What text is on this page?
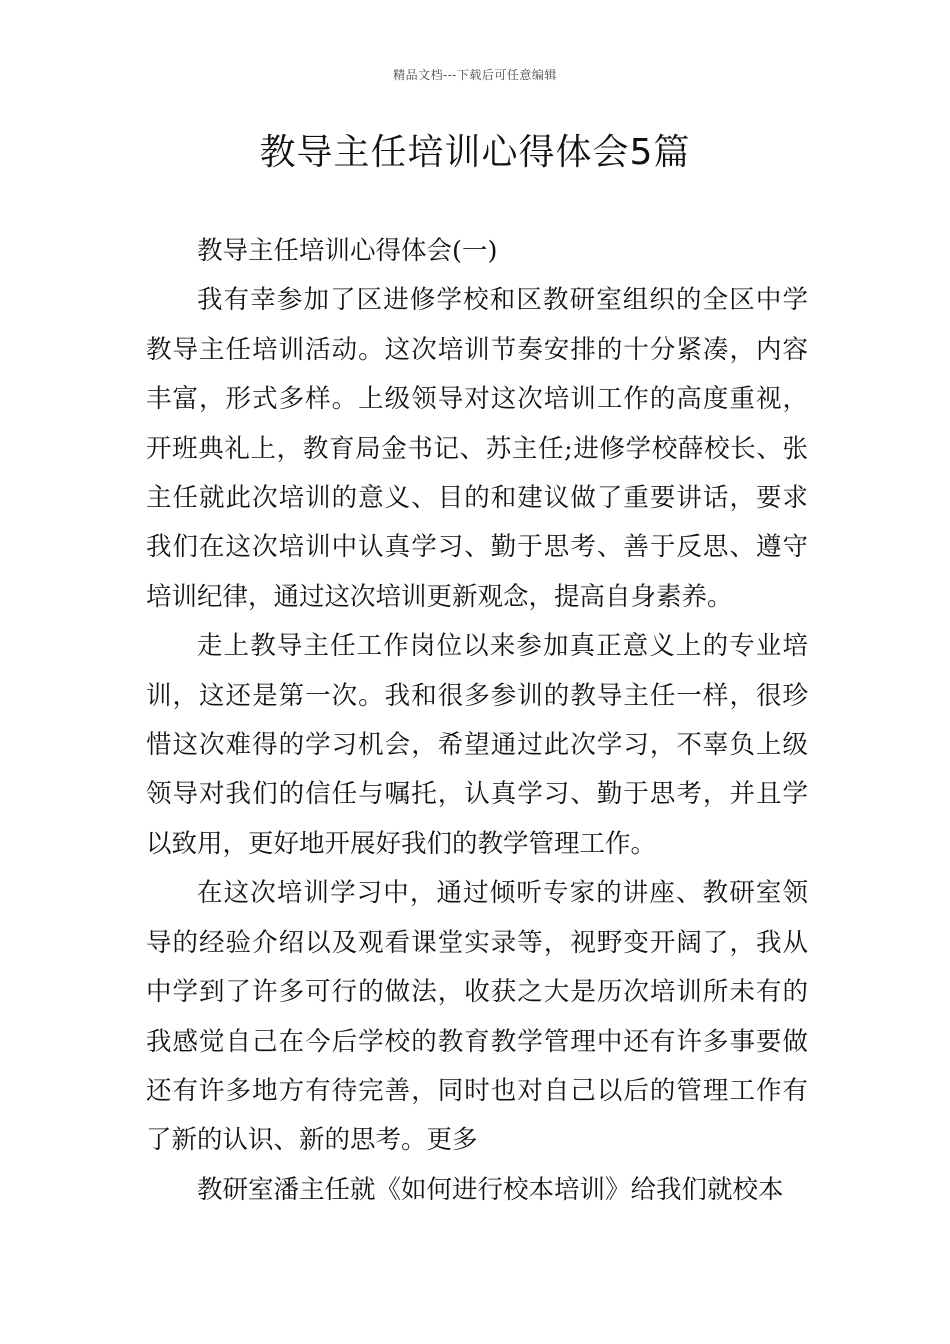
精品文档---下载后可任意编辑
教导主任培训心得体会5篇

教导主任培训心得体会(一)

我有幸参加了区进修学校和区教研室组织的全区中学教导主任培训活动。这次培训节奏安排的十分紧凑，内容丰富，形式多样。上级领导对这次培训工作的高度重视，开班典礼上，教育局金书记、苏主任;进修学校薛校长、张主任就此次培训的意义、目的和建议做了重要讲话，要求我们在这次培训中认真学习、勤于思考、善于反思、遵守培训纪律，通过这次培训更新观念，提高自身素养。

走上教导主任工作岗位以来参加真正意义上的专业培训，这还是第一次。我和很多参训的教导主任一样，很珍惜这次难得的学习机会，希望通过此次学习，不辜负上级领导对我们的信任与嘱托，认真学习、勤于思考，并且学以致用，更好地开展好我们的教学管理工作。

在这次培训学习中，通过倾听专家的讲座、教研室领导的经验介绍以及观看课堂实录等，视野变开阔了，我从中学到了许多可行的做法，收获之大是历次培训所未有的我感觉自己在今后学校的教育教学管理中还有许多事要做还有许多地方有待完善，同时也对自己以后的管理工作有了新的认识、新的思考。更多

教研室潘主任就《如何进行校本培训》给我们就校本
